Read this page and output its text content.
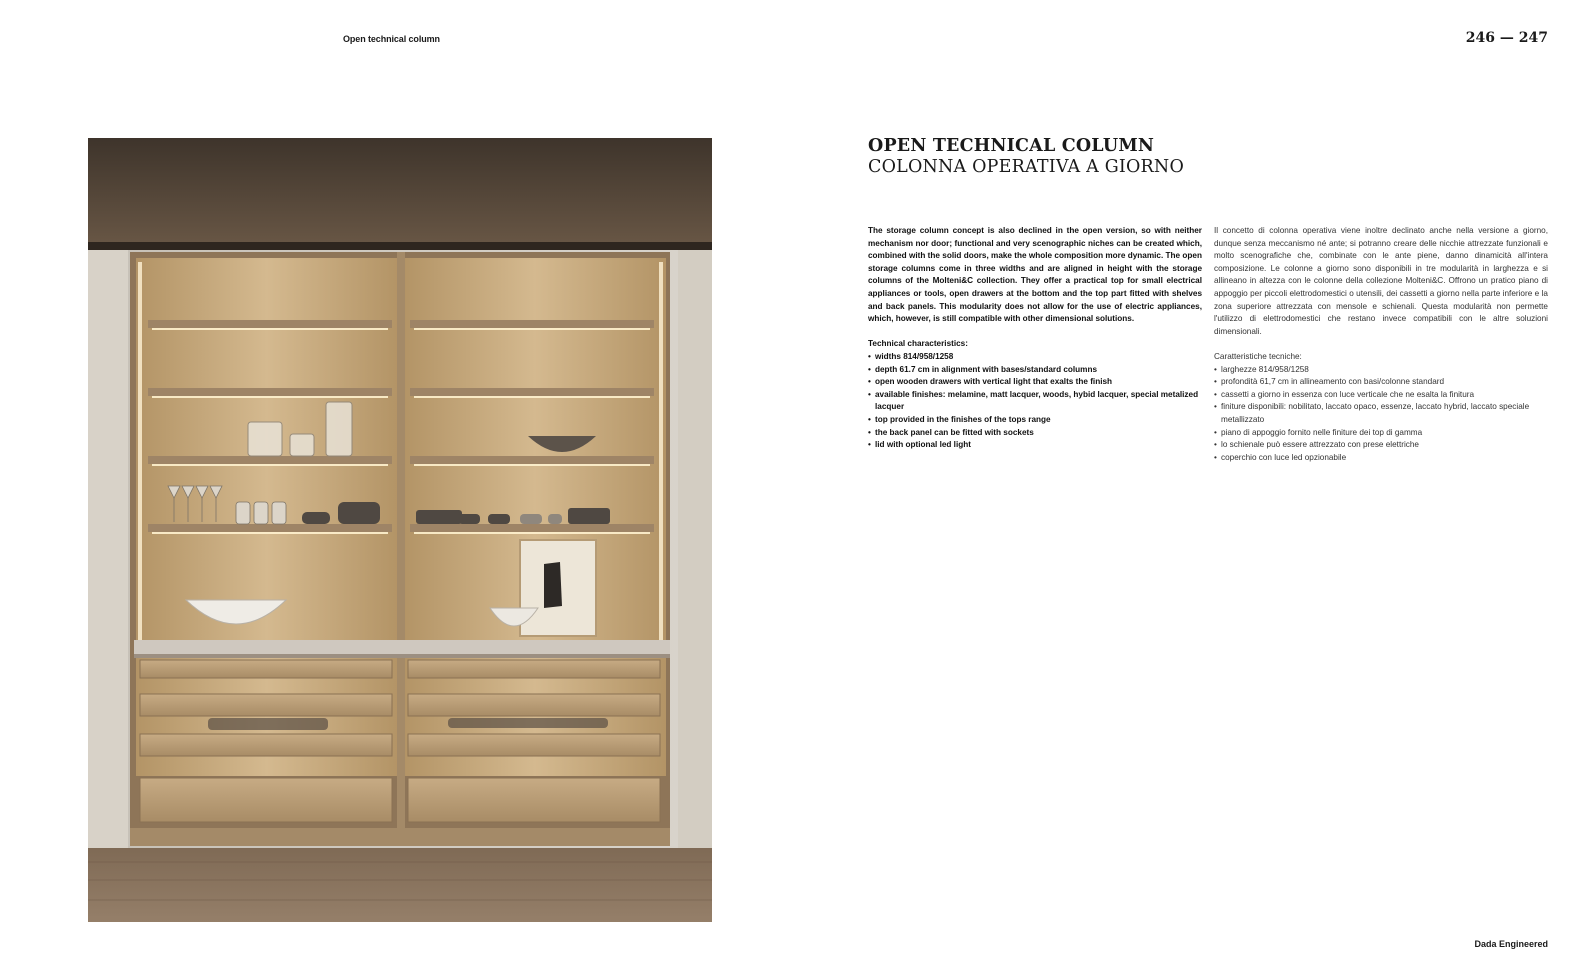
Open technical column	246 — 247
OPEN TECHNICAL COLUMN
COLONNA OPERATIVA A GIORNO

The storage column concept is also declined in the open version, so with neither mechanism nor door; functional and very scenographic niches can be created which, combined with the solid doors, make the whole composition more dynamic. The open storage columns come in three widths and are aligned in height with the storage columns of the Molteni&C collection. They offer a practical top for small electrical appliances or tools, open drawers at the bottom and the top part fitted with shelves and back panels. This modularity does not allow for the use of electric appliances, which, however, is still compatible with other dimensional solutions.

Technical characteristics:
• widths 814/958/1258
• depth 61.7 cm in alignment with bases/standard columns
• open wooden drawers with vertical light that exalts the finish
• available finishes: melamine, matt lacquer, woods, hybid lacquer, special metalized lacquer
• top provided in the finishes of the tops range
• the back panel can be fitted with sockets
• lid with optional led light

Il concetto di colonna operativa viene inoltre declinato anche nella versione a giorno, dunque senza meccanismo né ante; si potranno creare delle nicchie attrezzate funzionali e molto scenografiche che, combinate con le ante piene, danno dinamicità all'intera composizione. Le colonne a giorno sono disponibili in tre modularità in larghezza e si allineano in altezza con le colonne della collezione Molteni&C. Offrono un pratico piano di appoggio per piccoli elettrodomestici o utensili, dei cassetti a giorno nella parte inferiore e la zona superiore attrezzata con mensole e schienali. Questa modularità non permette l'utilizzo di elettrodomestici che restano invece compatibili con le altre soluzioni dimensionali.

Caratteristiche tecniche:
• larghezze 814/958/1258
• profondità 61,7 cm in allineamento con basi/colonne standard
• cassetti a giorno in essenza con luce verticale che ne esalta la finitura
• finiture disponibili: nobilitato, laccato opaco, essenze, laccato hybrid, laccato speciale metallizzato
• piano di appoggio fornito nelle finiture dei top di gamma
• lo schienale può essere attrezzato con prese elettriche
• coperchio con luce led opzionabile
Dada Engineered
